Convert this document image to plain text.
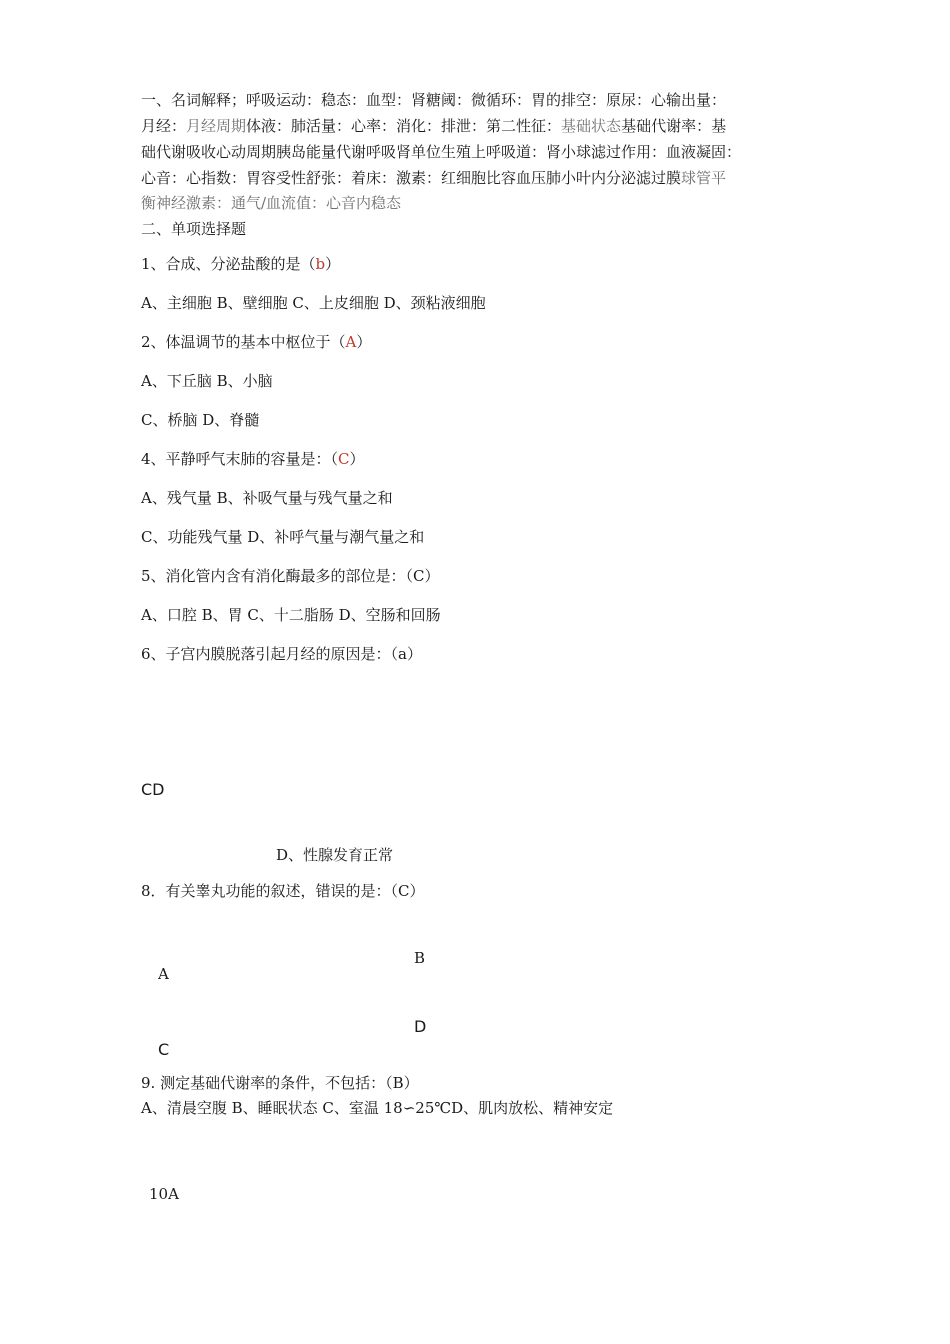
一、名词解释；呼吸运动：稳态：血型：肾糖阈：微循环：胃的排空：原尿：心输出量：
月经：月经周期体液：肺活量：心率：消化：排泄：第二性征：基础状态基础代谢率：基
础代谢吸收心动周期胰岛能量代谢呼吸肾单位生殖上呼吸道：肾小球滤过作用：血液凝固：
心音：心指数：胃容受性舒张：着床：激素：红细胞比容血压肺小叶内分泌滤过膜球管平
衡神经激素：通气/血流值：心音内稳态
二、单项选择题
1、合成、分泌盐酸的是（b）
A、主细胞 B、壁细胞 C、上皮细胞 D、颈粘液细胞
2、体温调节的基本中枢位于（A）
A、下丘脑 B、小脑
C、桥脑 D、脊髓
4、平静呼气末肺的容量是：（C）
A、残气量 B、补吸气量与残气量之和
C、功能残气量 D、补呼气量与潮气量之和
5、消化管内含有消化酶最多的部位是：（C）
A、口腔 B、胃 C、十二脂肠 D、空肠和回肠
6、子宫内膜脱落引起月经的原因是：（a）
CD
D、性腺发育正常
8．有关睾丸功能的叙述，错误的是：（C）
B
A
D
C
9. 测定基础代谢率的条件，不包括：（B）
A、清晨空腹 B、睡眠状态 C、室温 18∽25℃D、肌肉放松、精神安定
10A
